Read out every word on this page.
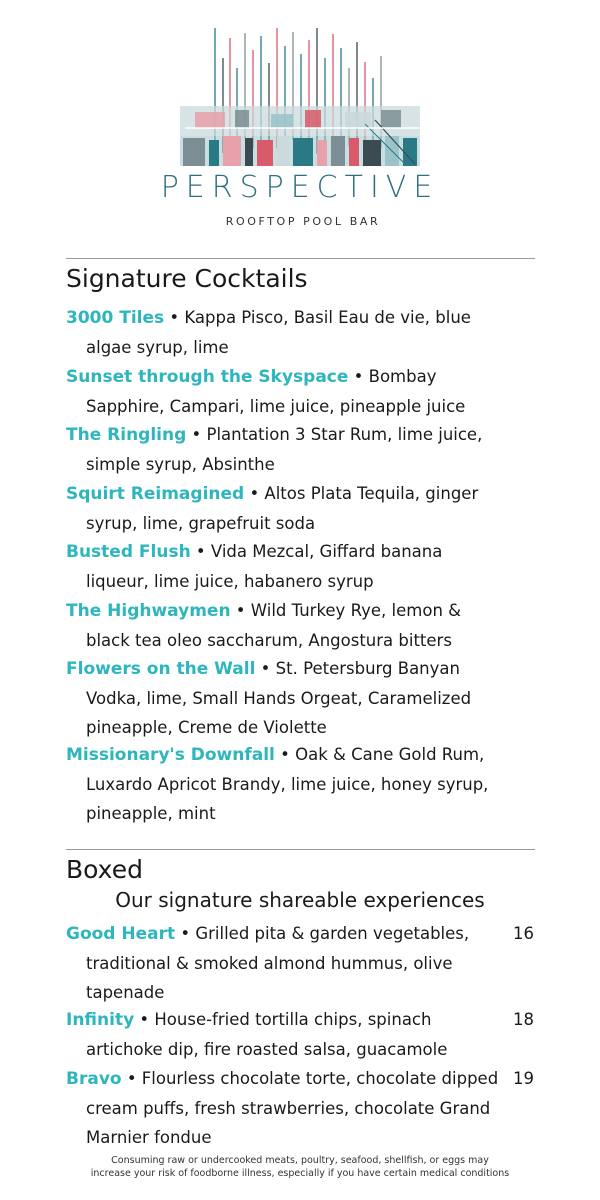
PERSPECTIVE
ROOFTOP POOL BAR
Signature Cocktails
3000 Tiles • Kappa Pisco, Basil Eau de vie, blue
algae syrup, lime
Sunset through the Skyspace • Bombay
Sapphire, Campari, lime juice, pineapple juice
The Ringling • Plantation 3 Star Rum, lime juice,
simple syrup, Absinthe
Squirt Reimagined • Altos Plata Tequila, ginger
syrup, lime, grapefruit soda
Busted Flush • Vida Mezcal, Giffard banana
liqueur, lime juice, habanero syrup
The Highwaymen • Wild Turkey Rye, lemon &
black tea oleo saccharum, Angostura bitters
Flowers on the Wall • St. Petersburg Banyan
Vodka, lime, Small Hands Orgeat, Caramelized
pineapple, Creme de Violette
Missionary's Downfall • Oak & Cane Gold Rum,
Luxardo Apricot Brandy, lime juice, honey syrup,
pineapple, mint
Boxed
Our signature shareable experiences
Good Heart • Grilled pita & garden vegetables,
traditional & smoked almond hummus, olive
tapenade
16
Infinity • House-fried tortilla chips, spinach
artichoke dip, fire roasted salsa, guacamole
18
Bravo • Flourless chocolate torte, chocolate dipped
cream puffs, fresh strawberries, chocolate Grand
Marnier fondue
19
Consuming raw or undercooked meats, poultry, seafood, shellfish, or eggs may
increase your risk of foodborne illness, especially if you have certain medical conditions
